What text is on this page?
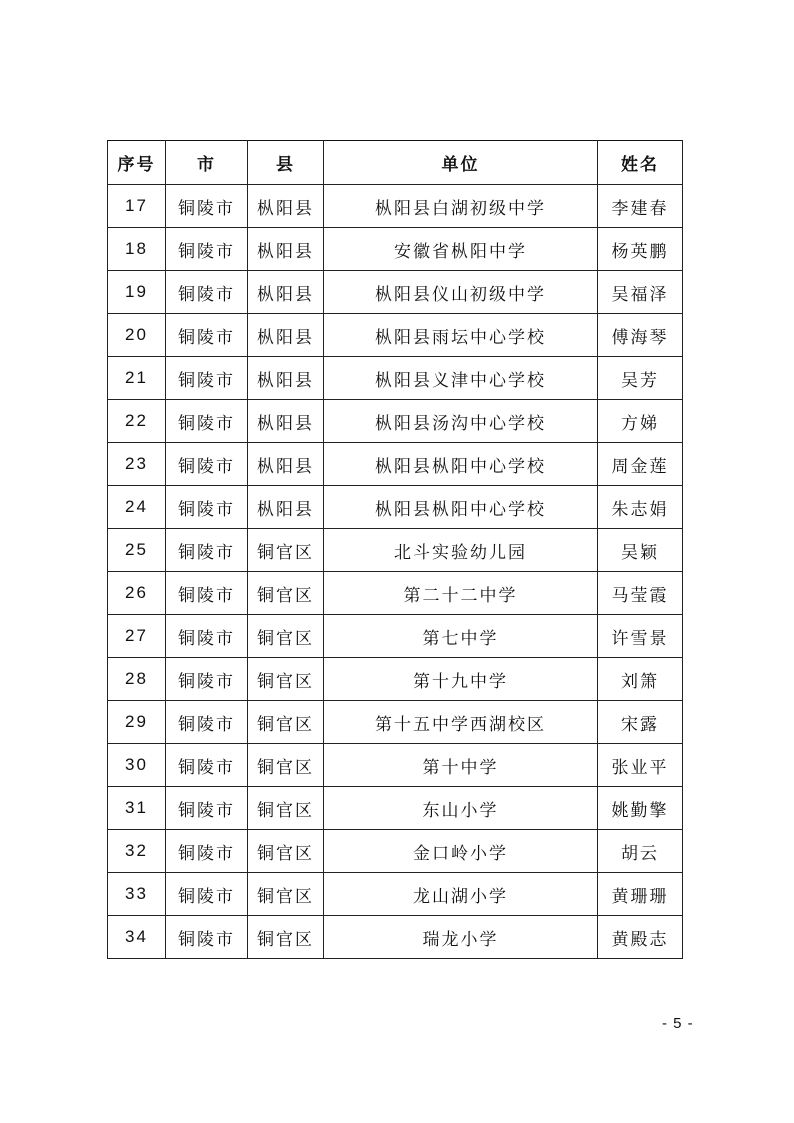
序号	市	县	单位	姓名
17	铜陵市	枞阳县	枞阳县白湖初级中学	李建春
18	铜陵市	枞阳县	安徽省枞阳中学	杨英鹏
19	铜陵市	枞阳县	枞阳县仪山初级中学	吴福泽
20	铜陵市	枞阳县	枞阳县雨坛中心学校	傅海琴
21	铜陵市	枞阳县	枞阳县义津中心学校	吴芳
22	铜陵市	枞阳县	枞阳县汤沟中心学校	方娣
23	铜陵市	枞阳县	枞阳县枞阳中心学校	周金莲
24	铜陵市	枞阳县	枞阳县枞阳中心学校	朱志娟
25	铜陵市	铜官区	北斗实验幼儿园	吴颖
26	铜陵市	铜官区	第二十二中学	马莹霞
27	铜陵市	铜官区	第七中学	许雪景
28	铜陵市	铜官区	第十九中学	刘箫
29	铜陵市	铜官区	第十五中学西湖校区	宋露
30	铜陵市	铜官区	第十中学	张业平
31	铜陵市	铜官区	东山小学	姚勤擎
32	铜陵市	铜官区	金口岭小学	胡云
33	铜陵市	铜官区	龙山湖小学	黄珊珊
34	铜陵市	铜官区	瑞龙小学	黄殿志
- 5 -
